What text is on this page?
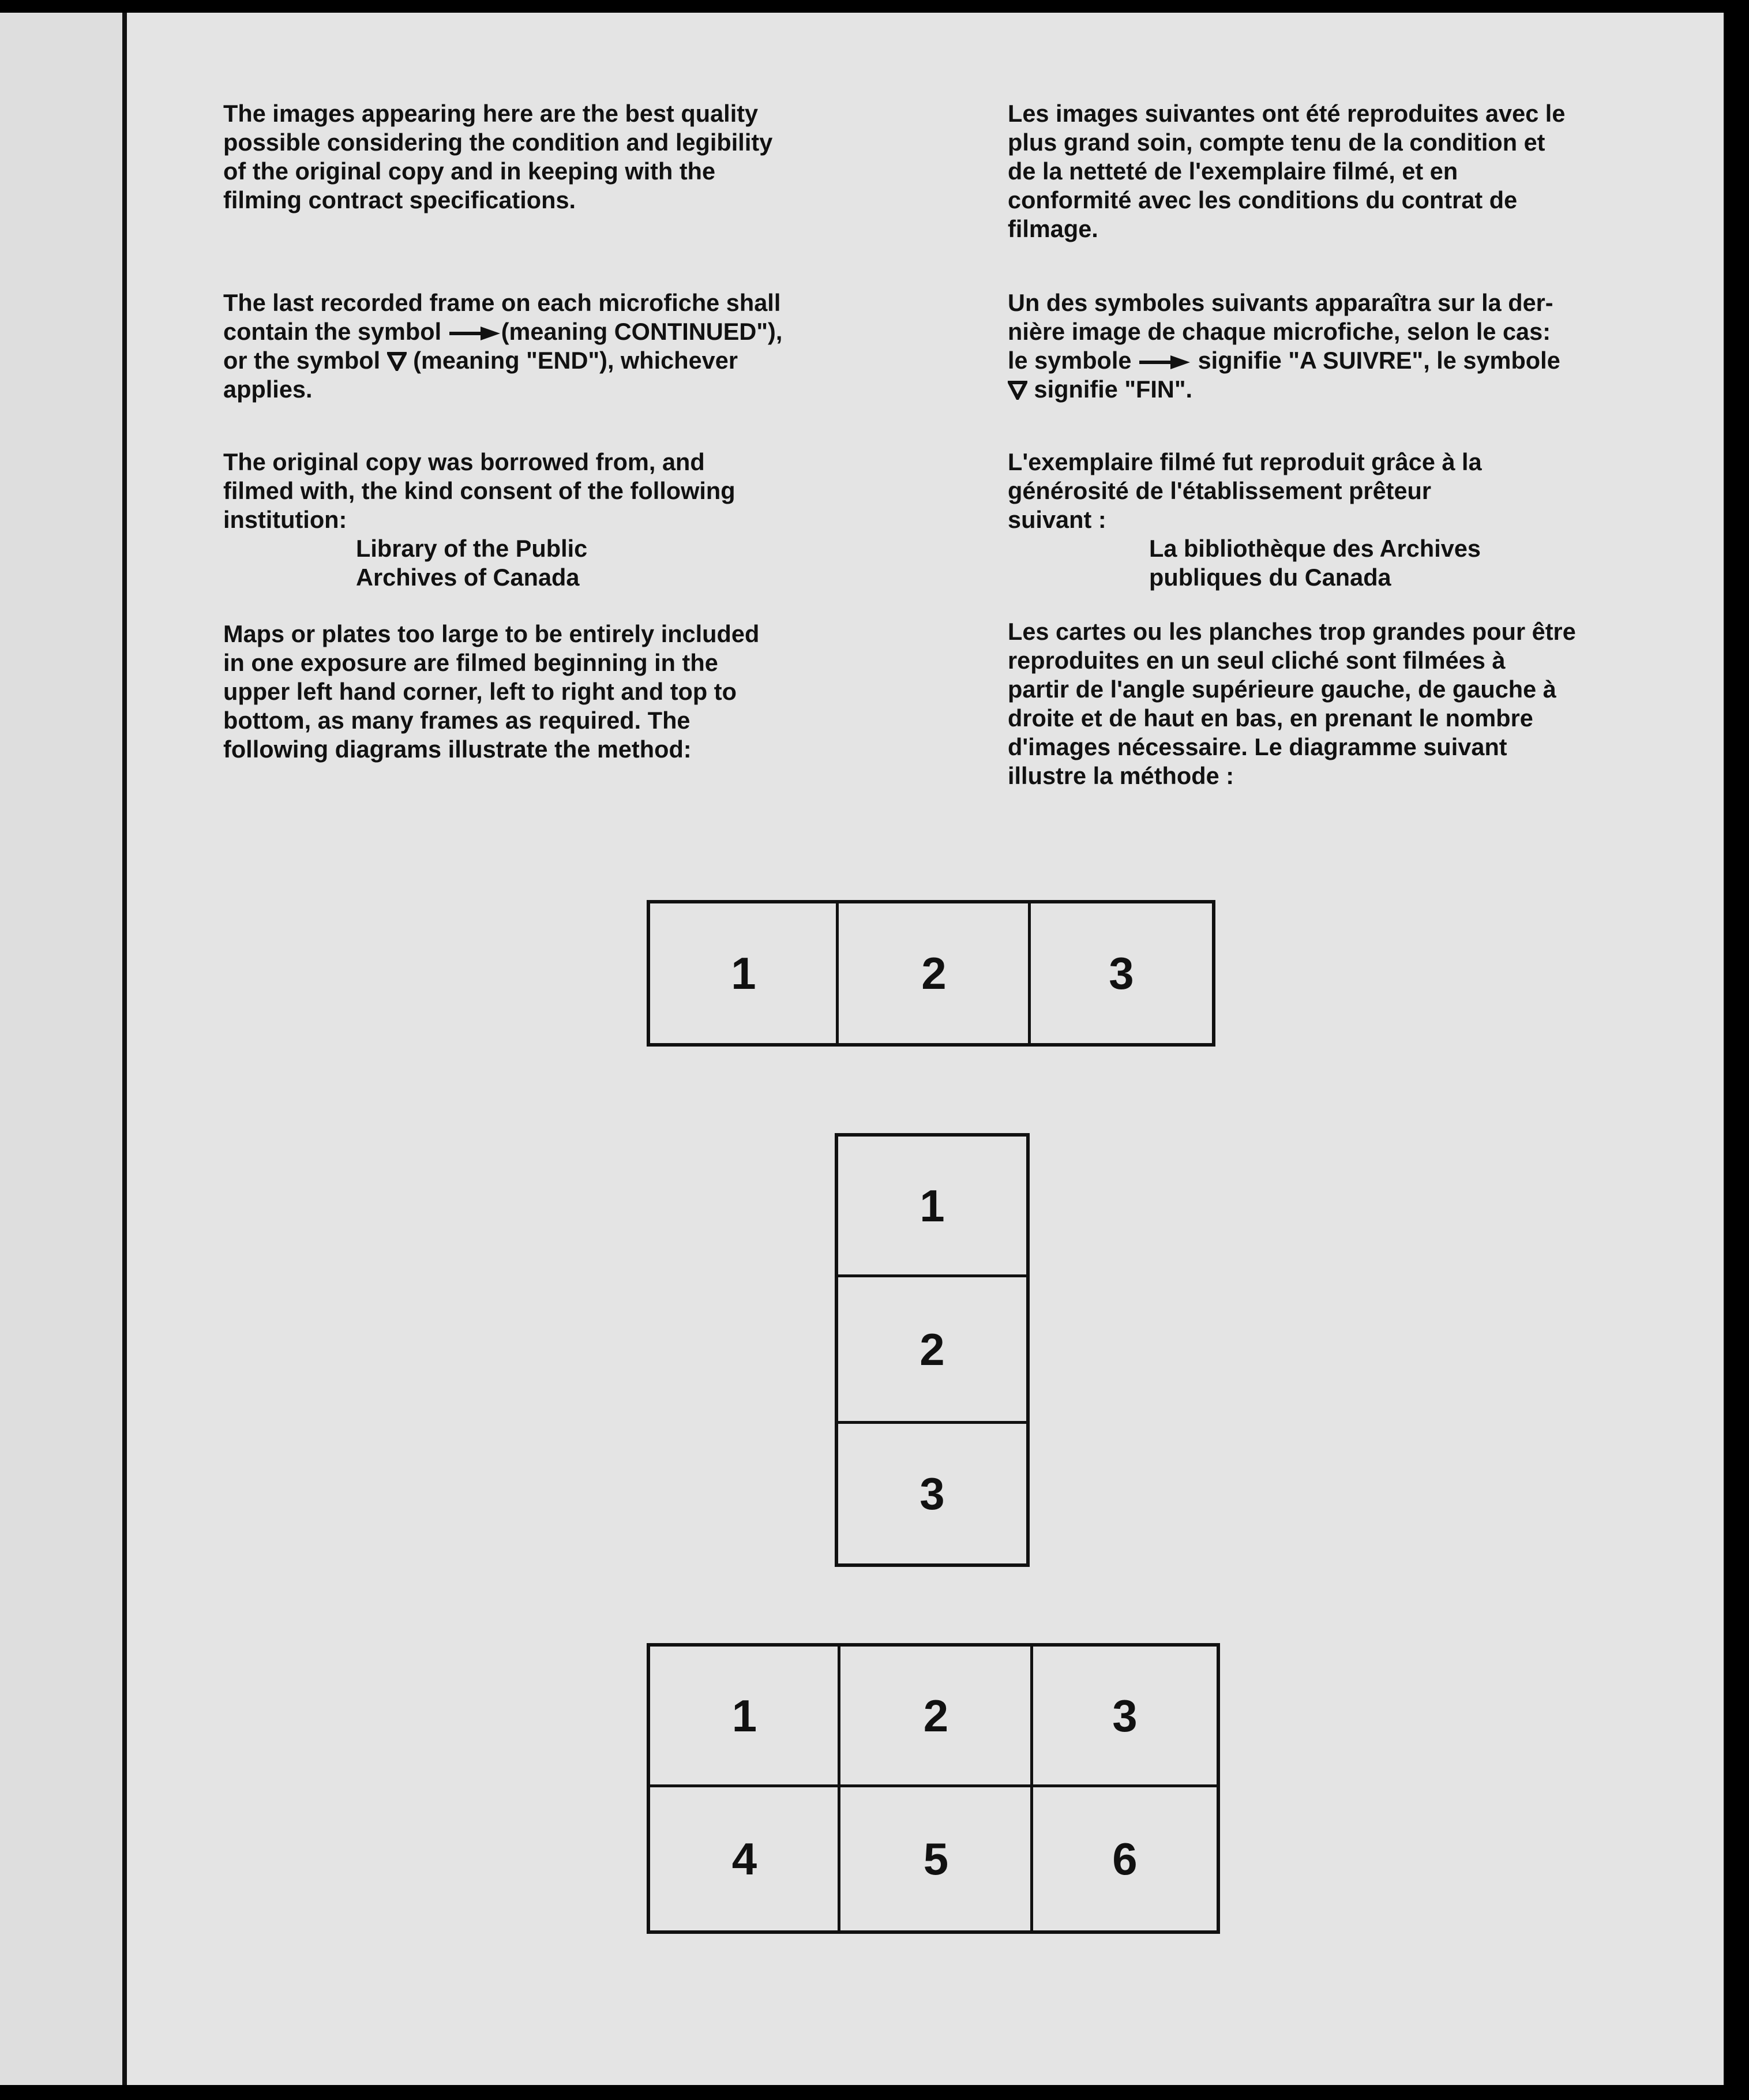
The images appearing here are the best quality
possible considering the condition and legibility
of the original copy and in keeping with the
filming contract specifications.
The last recorded frame on each microfiche shall
contain the symbol (meaning CONTINUED"),
or the symbol (meaning "END"), whichever
applies.
The original copy was borrowed from, and
filmed with, the kind consent of the following
institution:
Library of the Public
Archives of Canada
Maps or plates too large to be entirely included
in one exposure are filmed beginning in the
upper left hand corner, left to right and top to
bottom, as many frames as required. The
following diagrams illustrate the method:
Les images suivantes ont été reproduites avec le
plus grand soin, compte tenu de la condition et
de la netteté de l'exemplaire filmé, et en
conformité avec les conditions du contrat de
filmage.
Un des symboles suivants apparaîtra sur la der-
nière image de chaque microfiche, selon le cas:
le symbole	signifie "A SUIVRE", le symbole
signifie "FIN".
L'exemplaire filmé fut reproduit grâce à la
générosité de l'établissement prêteur
suivant :
La bibliothèque des Archives
publiques du Canada
Les cartes ou les planches trop grandes pour être
reproduites en un seul cliché sont filmées à
partir de l'angle supérieure gauche, de gauche à
droite et de haut en bas, en prenant le nombre
d'images nécessaire. Le diagramme suivant
illustre la méthode :
1	2	3
1
2
3
1	2	3
4	5	6
